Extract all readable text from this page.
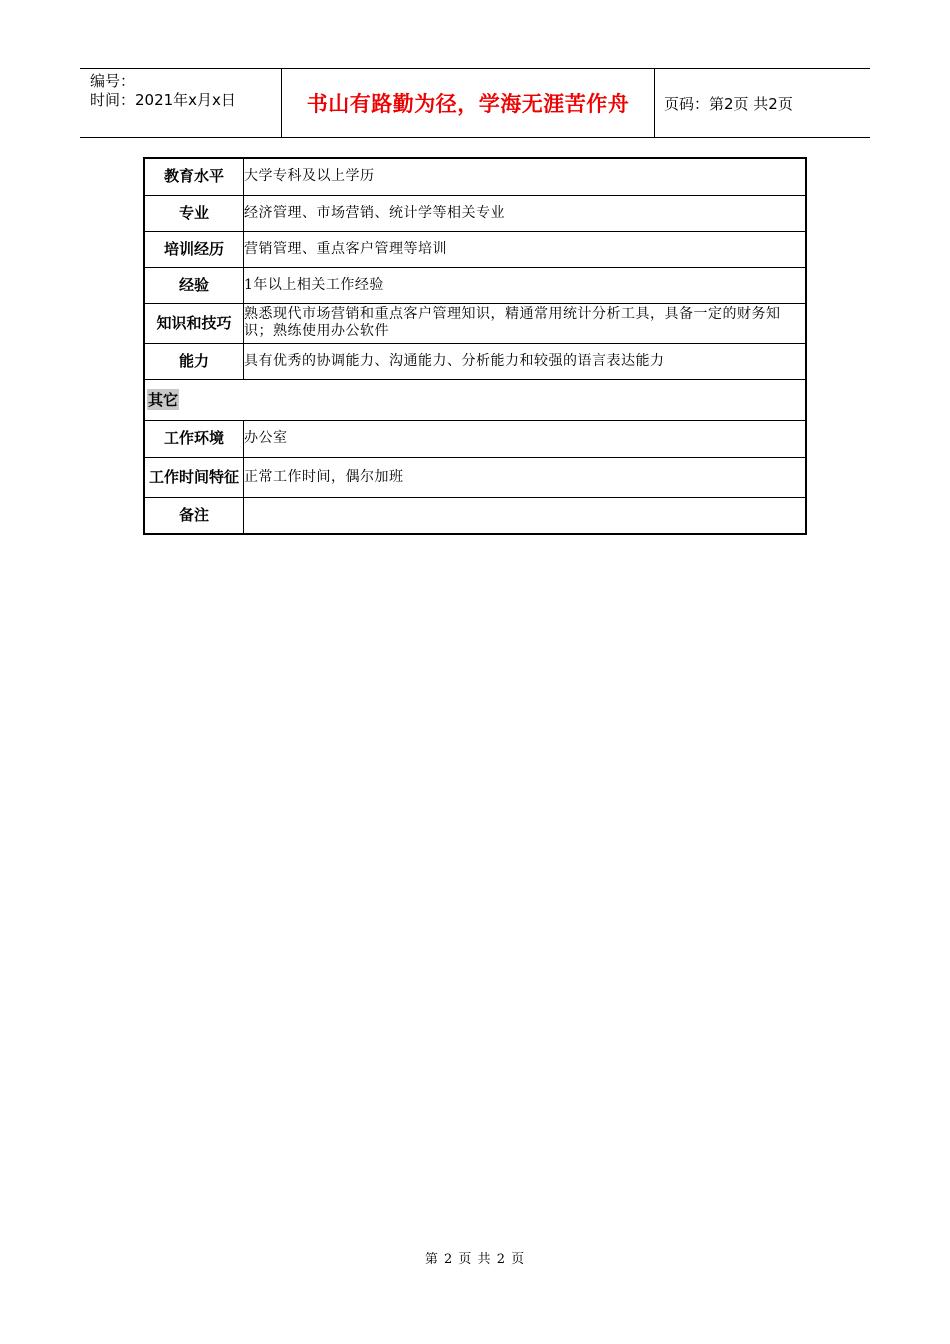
编号：
时间：2021年x月x日	书山有路勤为径，学海无涯苦作舟	页码：第2页 共2页
教育水平	大学专科及以上学历
专业	经济管理、市场营销、统计学等相关专业
培训经历	营销管理、重点客户管理等培训
经验	1年以上相关工作经验
知识和技巧	熟悉现代市场营销和重点客户管理知识，精通常用统计分析工具，具备一定的财务知识；熟练使用办公软件
能力	具有优秀的协调能力、沟通能力、分析能力和较强的语言表达能力
其它	
工作环境	办公室
工作时间特征	正常工作时间，偶尔加班
备注	
第 2 页 共 2 页
